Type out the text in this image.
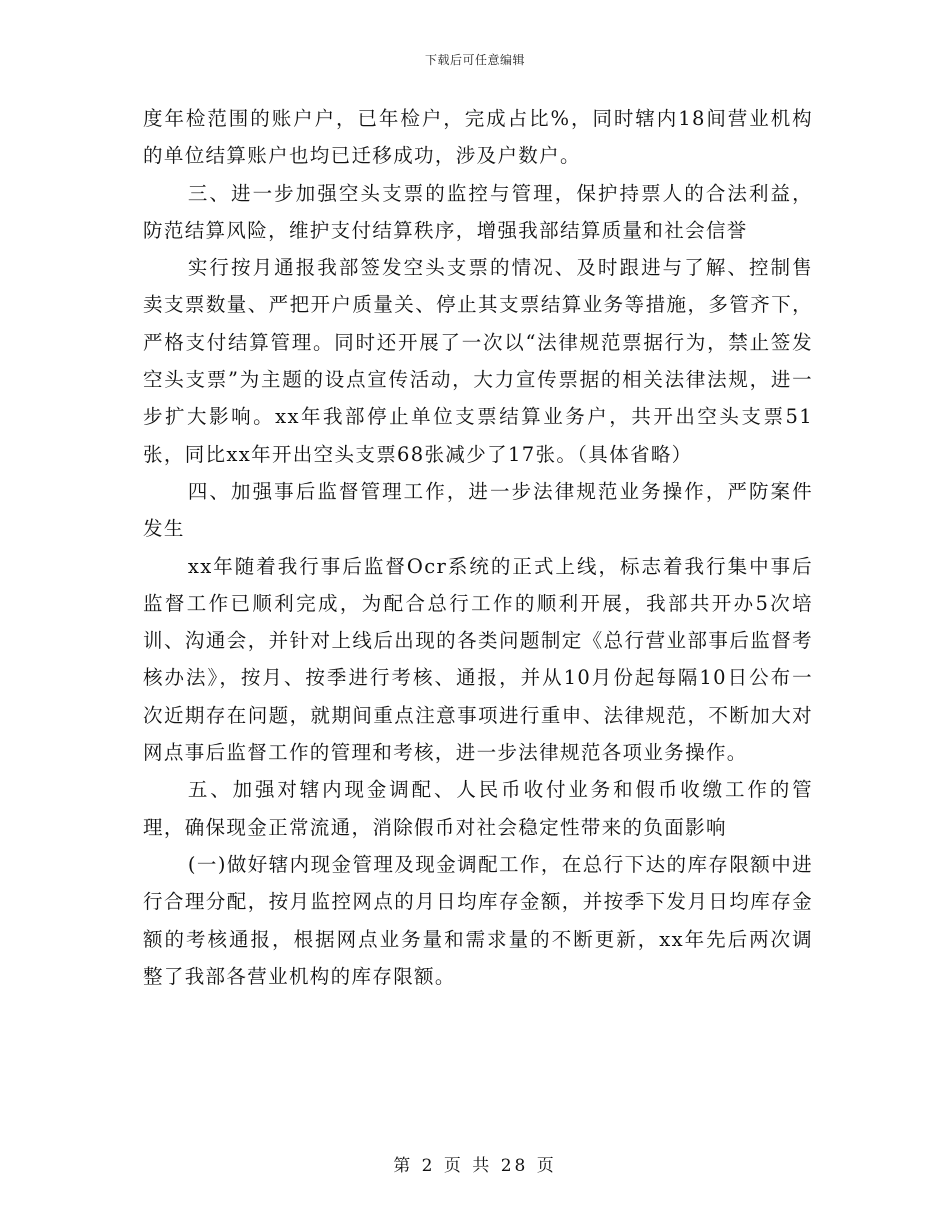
下载后可任意编辑

度年检范围的账户户，已年检户，完成占比%，同时辖内18间营业机构的单位结算账户也均已迁移成功，涉及户数户。

三、进一步加强空头支票的监控与管理，保护持票人的合法利益，防范结算风险，维护支付结算秩序，增强我部结算质量和社会信誉

实行按月通报我部签发空头支票的情况、及时跟进与了解、控制售卖支票数量、严把开户质量关、停止其支票结算业务等措施，多管齐下，严格支付结算管理。同时还开展了一次以“法律规范票据行为，禁止签发空头支票”为主题的设点宣传活动，大力宣传票据的相关法律法规，进一步扩大影响。xx年我部停止单位支票结算业务户，共开出空头支票51张，同比xx年开出空头支票68张减少了17张。（具体省略）

四、加强事后监督管理工作，进一步法律规范业务操作，严防案件发生

xx年随着我行事后监督Ocr系统的正式上线，标志着我行集中事后监督工作已顺利完成，为配合总行工作的顺利开展，我部共开办5次培训、沟通会，并针对上线后出现的各类问题制定《总行营业部事后监督考核办法》，按月、按季进行考核、通报，并从10月份起每隔10日公布一次近期存在问题，就期间重点注意事项进行重申、法律规范，不断加大对网点事后监督工作的管理和考核，进一步法律规范各项业务操作。

五、加强对辖内现金调配、人民币收付业务和假币收缴工作的管理，确保现金正常流通，消除假币对社会稳定性带来的负面影响

(一)做好辖内现金管理及现金调配工作，在总行下达的库存限额中进行合理分配，按月监控网点的月日均库存金额，并按季下发月日均库存金额的考核通报，根据网点业务量和需求量的不断更新，xx年先后两次调整了我部各营业机构的库存限额。

第 2 页 共 28 页
